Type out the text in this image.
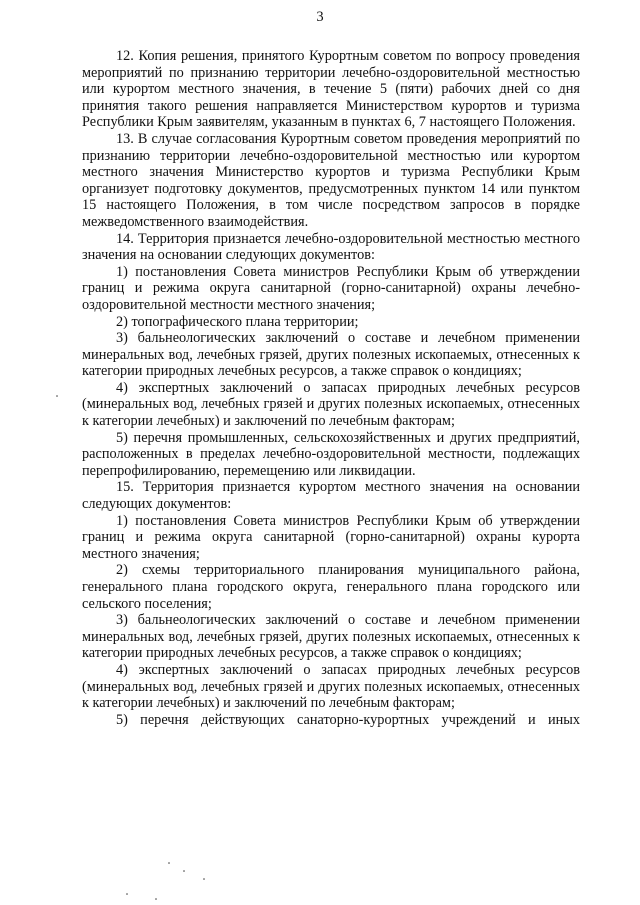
3

12. Копия решения, принятого Курортным советом по вопросу проведения мероприятий по признанию территории лечебно-оздоровительной местностью или курортом местного значения, в течение 5 (пяти) рабочих дней со дня принятия такого решения направляется Министерством курортов и туризма Республики Крым заявителям, указанным в пунктах 6, 7 настоящего Положения.

13. В случае согласования Курортным советом проведения мероприятий по признанию территории лечебно-оздоровительной местностью или курортом местного значения Министерство курортов и туризма Республики Крым организует подготовку документов, предусмотренных пунктом 14 или пунктом 15 настоящего Положения, в том числе посредством запросов в порядке межведомственного взаимодействия.

14. Территория признается лечебно-оздоровительной местностью местного значения на основании следующих документов:

1) постановления Совета министров Республики Крым об утверждении границ и режима округа санитарной (горно-санитарной) охраны лечебно-оздоровительной местности местного значения;

2) топографического плана территории;

3) бальнеологических заключений о составе и лечебном применении минеральных вод, лечебных грязей, других полезных ископаемых, отнесенных к категории природных лечебных ресурсов, а также справок о кондициях;

4) экспертных заключений о запасах природных лечебных ресурсов (минеральных вод, лечебных грязей и других полезных ископаемых, отнесенных к категории лечебных) и заключений по лечебным факторам;

5) перечня промышленных, сельскохозяйственных и других предприятий, расположенных в пределах лечебно-оздоровительной местности, подлежащих перепрофилированию, перемещению или ликвидации.

15. Территория признается курортом местного значения на основании следующих документов:

1) постановления Совета министров Республики Крым об утверждении границ и режима округа санитарной (горно-санитарной) охраны курорта местного значения;

2) схемы территориального планирования муниципального района, генерального плана городского округа, генерального плана городского или сельского поселения;

3) бальнеологических заключений о составе и лечебном применении минеральных вод, лечебных грязей, других полезных ископаемых, отнесенных к категории природных лечебных ресурсов, а также справок о кондициях;

4) экспертных заключений о запасах природных лечебных ресурсов (минеральных вод, лечебных грязей и других полезных ископаемых, отнесенных к категории лечебных) и заключений по лечебным факторам;

5) перечня действующих санаторно-курортных учреждений и иных
